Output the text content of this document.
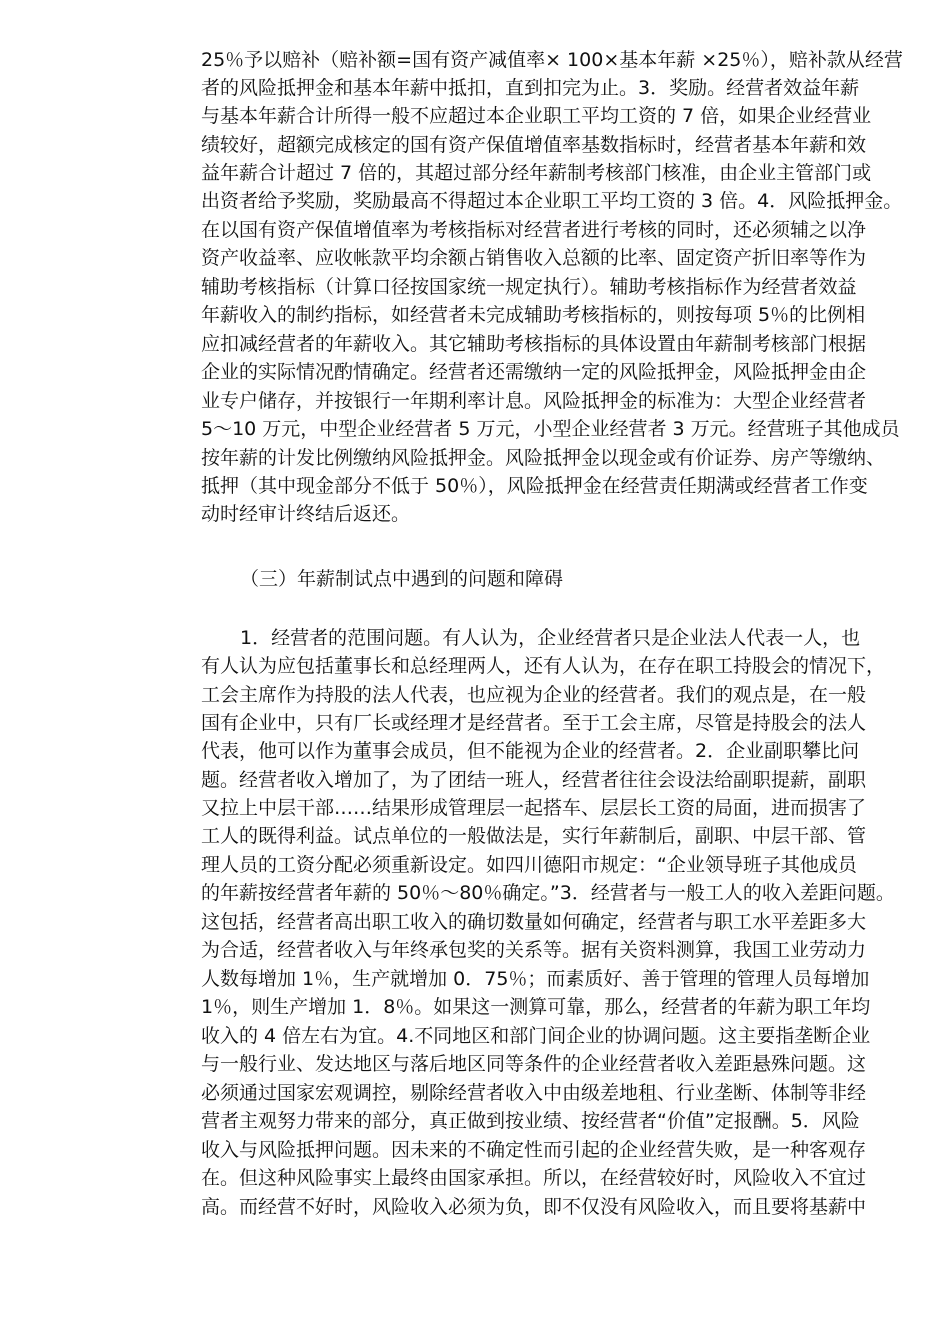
25％予以赔补（赔补额=国有资产减值率× 100×基本年薪 ×25％），赔补款从经营

者的风险抵押金和基本年薪中抵扣，直到扣完为止。3．奖励。经营者效益年薪

与基本年薪合计所得一般不应超过本企业职工平均工资的 7 倍，如果企业经营业

绩较好，超额完成核定的国有资产保值增值率基数指标时，经营者基本年薪和效

益年薪合计超过 7 倍的，其超过部分经年薪制考核部门核准，由企业主管部门或

出资者给予奖励，奖励最高不得超过本企业职工平均工资的 3 倍。4．风险抵押金。

在以国有资产保值增值率为考核指标对经营者进行考核的同时，还必须辅之以净

资产收益率、应收帐款平均余额占销售收入总额的比率、固定资产折旧率等作为

辅助考核指标（计算口径按国家统一规定执行）。辅助考核指标作为经营者效益

年薪收入的制约指标，如经营者未完成辅助考核指标的，则按每项 5％的比例相

应扣减经营者的年薪收入。其它辅助考核指标的具体设置由年薪制考核部门根据

企业的实际情况酌情确定。经营者还需缴纳一定的风险抵押金，风险抵押金由企

业专户储存，并按银行一年期利率计息。风险抵押金的标准为：大型企业经营者

5～10 万元，中型企业经营者 5 万元，小型企业经营者 3 万元。经营班子其他成员

按年薪的计发比例缴纳风险抵押金。风险抵押金以现金或有价证券、房产等缴纳、

抵押（其中现金部分不低于 50％），风险抵押金在经营责任期满或经营者工作变

动时经审计终结后返还。

（三）年薪制试点中遇到的问题和障碍

1．经营者的范围问题。有人认为，企业经营者只是企业法人代表一人，也

有人认为应包括董事长和总经理两人，还有人认为，在存在职工持股会的情况下，

工会主席作为持股的法人代表，也应视为企业的经营者。我们的观点是，在一般

国有企业中，只有厂长或经理才是经营者。至于工会主席，尽管是持股会的法人

代表，他可以作为董事会成员，但不能视为企业的经营者。2．企业副职攀比问

题。经营者收入增加了，为了团结一班人，经营者往往会设法给副职提薪，副职

又拉上中层干部……结果形成管理层一起搭车、层层长工资的局面，进而损害了

工人的既得利益。试点单位的一般做法是，实行年薪制后，副职、中层干部、管

理人员的工资分配必须重新设定。如四川德阳市规定：“企业领导班子其他成员

的年薪按经营者年薪的 50％～80％确定。”3．经营者与一般工人的收入差距问题。

这包括，经营者高出职工收入的确切数量如何确定，经营者与职工水平差距多大

为合适，经营者收入与年终承包奖的关系等。据有关资料测算，我国工业劳动力

人数每增加 1％，生产就增加 0．75％；而素质好、善于管理的管理人员每增加

1％，则生产增加 1．8％。如果这一测算可靠，那么，经营者的年薪为职工年均

收入的 4 倍左右为宜。4.不同地区和部门间企业的协调问题。这主要指垄断企业

与一般行业、发达地区与落后地区同等条件的企业经营者收入差距悬殊问题。这

必须通过国家宏观调控，剔除经营者收入中由级差地租、行业垄断、体制等非经

营者主观努力带来的部分，真正做到按业绩、按经营者“价值”定报酬。5．风险

收入与风险抵押问题。因未来的不确定性而引起的企业经营失败，是一种客观存

在。但这种风险事实上最终由国家承担。所以，在经营较好时，风险收入不宜过

高。而经营不好时，风险收入必须为负，即不仅没有风险收入，而且要将基薪中
